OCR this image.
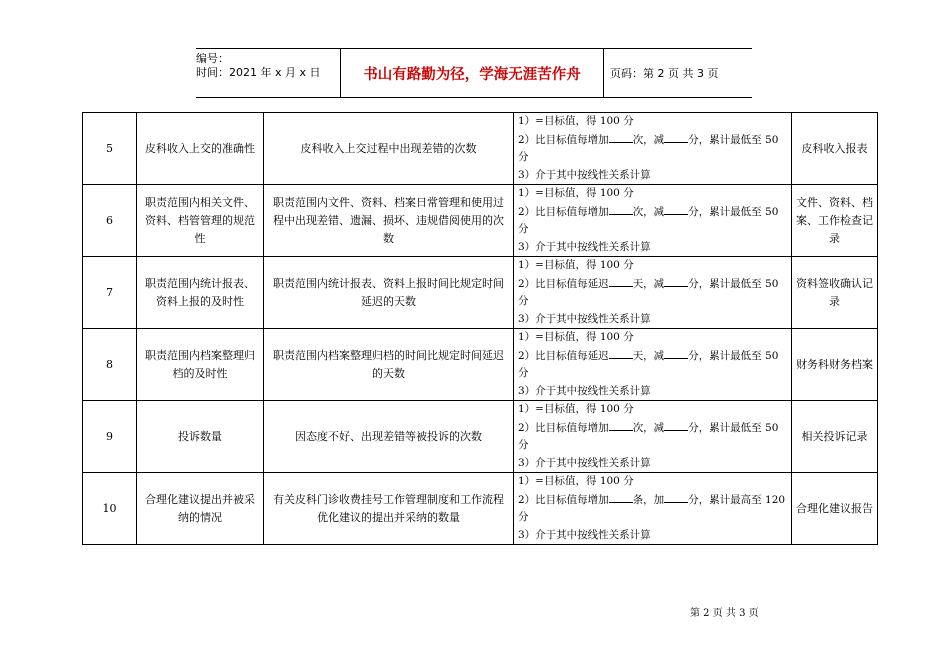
编号：
时间：2021 年 x 月 x 日	书山有路勤为径，学海无涯苦作舟	页码：第 2 页 共 3 页
5	皮科收入上交的准确性	皮科收入上交过程中出现差错的次数	1）=目标值，得 100 分
2）比目标值每增加 次，减 分，累计最低至 50 分
3）介于其中按线性关系计算	皮科收入报表
6	职责范围内相关文件、资料、档管管理的规范性	职责范围内文件、资料、档案日常管理和使用过程中出现差错、遗漏、损坏、违规借阅使用的次数	1）=目标值，得 100 分
2）比目标值每增加 次，减 分，累计最低至 50 分
3）介于其中按线性关系计算	文件、资料、档案、工作检查记录
7	职责范围内统计报表、资料上报的及时性	职责范围内统计报表、资料上报时间比规定时间延迟的天数	1）=目标值，得 100 分
2）比目标值每延迟 天，减 分，累计最低至 50 分
3）介于其中按线性关系计算	资料签收确认记录
8	职责范围内档案整理归档的及时性	职责范围内档案整理归档的时间比规定时间延迟的天数	1）=目标值，得 100 分
2）比目标值每延迟 天，减 分，累计最低至 50 分
3）介于其中按线性关系计算	财务科财务档案
9	投诉数量	因态度不好、出现差错等被投诉的次数	1）=目标值，得 100 分
2）比目标值每增加 次，减 分，累计最低至 50 分
3）介于其中按线性关系计算	相关投诉记录
10	合理化建议提出并被采纳的情况	有关皮科门诊收费挂号工作管理制度和工作流程优化建议的提出并采纳的数量	1）=目标值，得 100 分
2）比目标值每增加 条，加 分，累计最高至 120 分
3）介于其中按线性关系计算	合理化建议报告
第 2 页 共 3 页
